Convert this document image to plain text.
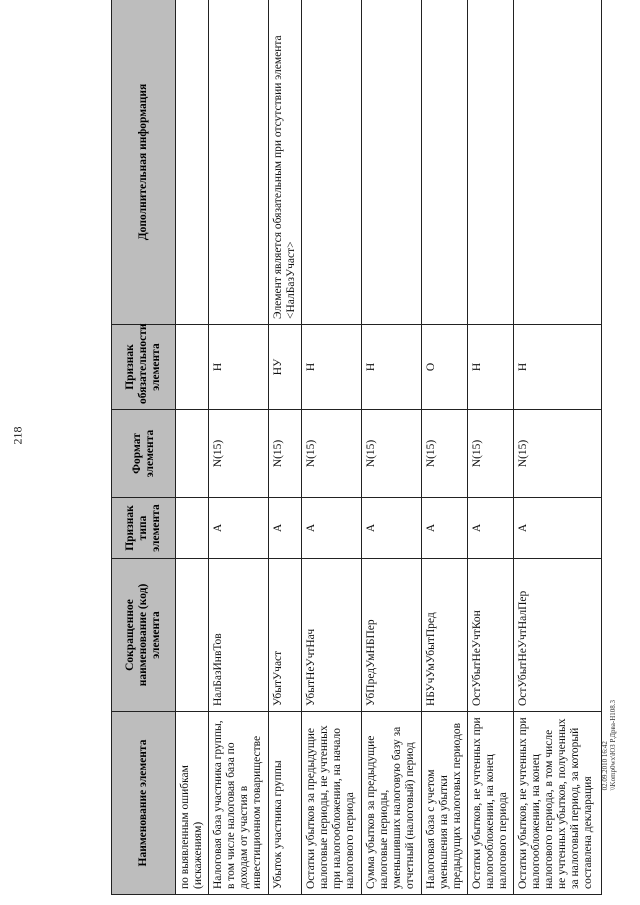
218
02.09.2010 16:42 \\Komp0wx\ЮЗ Р.Дрва-Н108.3
Наименование элемента	Сокращенное наименование (код) элемента	Признак типа элемента	Формат элемента	Признак обязательности элемента	Дополнительная информация
по выявленным ошибкам (искажениям)					
Налоговая база участника группы, в том числе налоговая база по доходам от участия в инвестиционном товариществе	НалБазИнвТов	А	N(15)	Н	
Убыток участника группы	УбытУчаст	А	N(15)	НУ	Элемент является обязательным при отсутствии элемента <НалБазУчаст>
Остатки убытков за предыдущие налоговые периоды, не учтенных при налогообложении, на начало налогового периода	УбытНеУчтНач	А	N(15)	Н	
Сумма убытков за предыдущие налоговые периоды, уменьшивших налоговую базу за отчетный (налоговый) период	УбПредУмНБПер	А	N(15)	Н	
Налоговая база с учетом уменьшения на убытки предыдущих налоговых периодов	НБУчУмУбытПред	А	N(15)	О	
Остатки убытков, не учтенных при налогообложении, на конец налогового периода	ОстУбытНеУчтКон	А	N(15)	Н	
Остатки убытков, не учтенных при налогообложении, на конец налогового периода, в том числе не учтенных убытков, полученных за налоговый период, за который составлена декларация	ОстУбытНеУчтНалПер	А	N(15)	Н	
